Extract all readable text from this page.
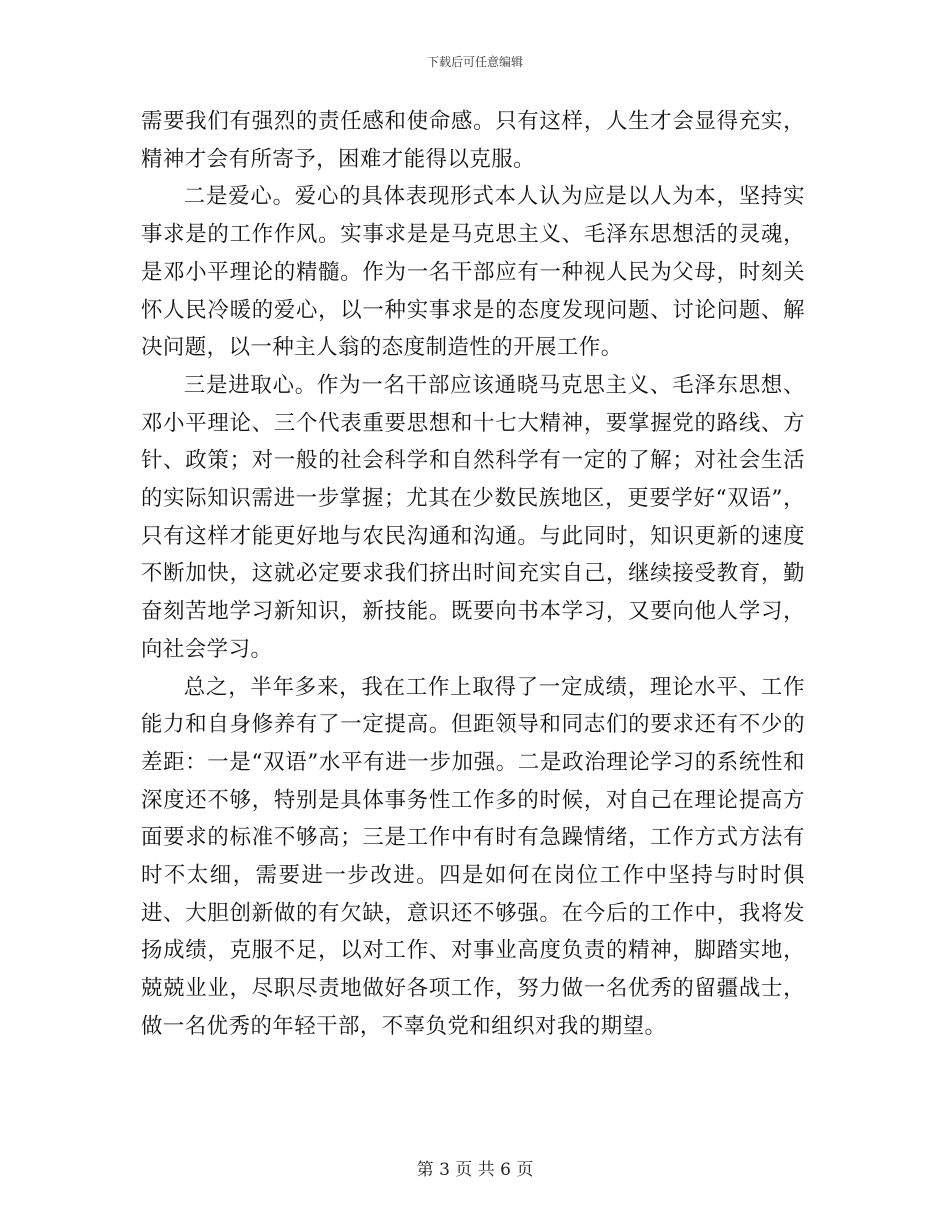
下载后可任意编辑

需要我们有强烈的责任感和使命感。只有这样，人生才会显得充实，精神才会有所寄予，困难才能得以克服。

二是爱心。爱心的具体表现形式本人认为应是以人为本，坚持实事求是的工作作风。实事求是是马克思主义、毛泽东思想活的灵魂，是邓小平理论的精髓。作为一名干部应有一种视人民为父母，时刻关怀人民冷暖的爱心，以一种实事求是的态度发现问题、讨论问题、解决问题，以一种主人翁的态度制造性的开展工作。

三是进取心。作为一名干部应该通晓马克思主义、毛泽东思想、邓小平理论、三个代表重要思想和十七大精神，要掌握党的路线、方针、政策；对一般的社会科学和自然科学有一定的了解；对社会生活的实际知识需进一步掌握；尤其在少数民族地区，更要学好“双语”，只有这样才能更好地与农民沟通和沟通。与此同时，知识更新的速度不断加快，这就必定要求我们挤出时间充实自己，继续接受教育，勤奋刻苦地学习新知识，新技能。既要向书本学习，又要向他人学习，向社会学习。

总之，半年多来，我在工作上取得了一定成绩，理论水平、工作能力和自身修养有了一定提高。但距领导和同志们的要求还有不少的差距：一是“双语”水平有进一步加强。二是政治理论学习的系统性和深度还不够，特别是具体事务性工作多的时候，对自己在理论提高方面要求的标准不够高；三是工作中有时有急躁情绪，工作方式方法有时不太细，需要进一步改进。四是如何在岗位工作中坚持与时时俱进、大胆创新做的有欠缺，意识还不够强。在今后的工作中，我将发扬成绩，克服不足，以对工作、对事业高度负责的精神，脚踏实地，兢兢业业，尽职尽责地做好各项工作，努力做一名优秀的留疆战士，做一名优秀的年轻干部，不辜负党和组织对我的期望。

第 3 页 共 6 页
